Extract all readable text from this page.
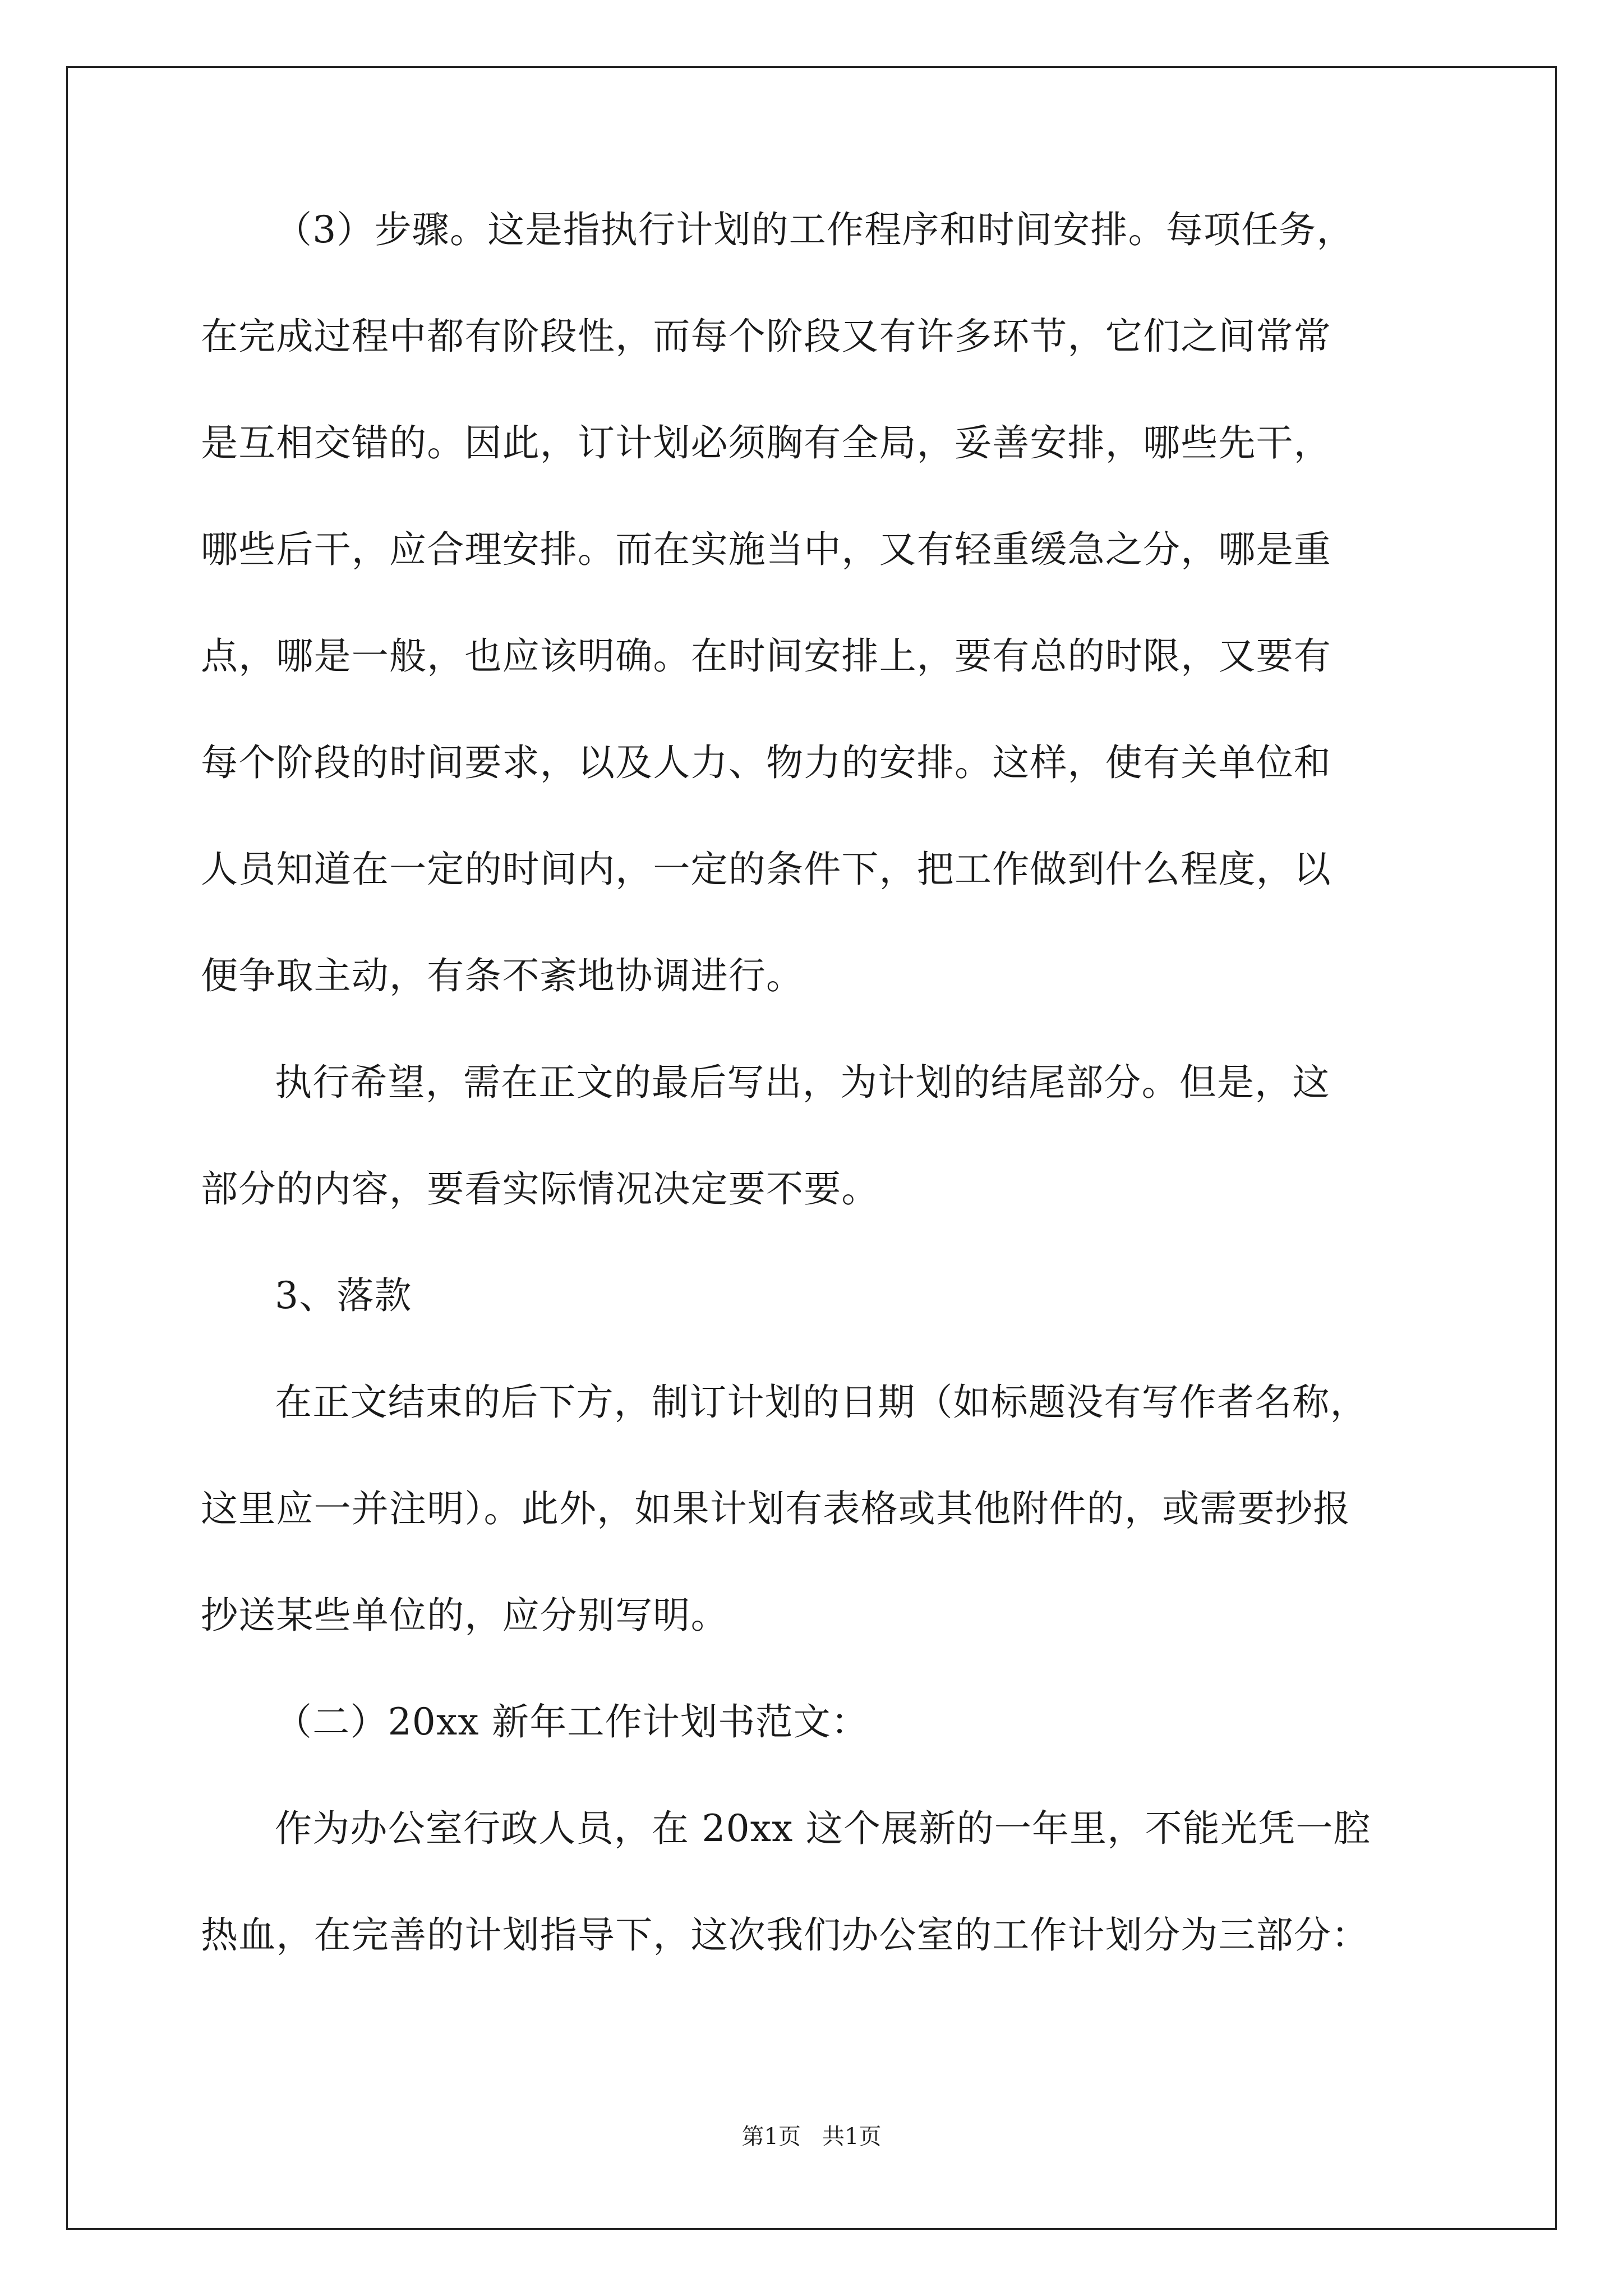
（3）步骤。这是指执行计划的工作程序和时间安排。每项任务，
在完成过程中都有阶段性，而每个阶段又有许多环节，它们之间常常
是互相交错的。因此，订计划必须胸有全局，妥善安排，哪些先干，
哪些后干，应合理安排。而在实施当中，又有轻重缓急之分，哪是重
点，哪是一般，也应该明确。在时间安排上，要有总的时限，又要有
每个阶段的时间要求，以及人力、物力的安排。这样，使有关单位和
人员知道在一定的时间内，一定的条件下，把工作做到什么程度，以
便争取主动，有条不紊地协调进行。
执行希望，需在正文的最后写出，为计划的结尾部分。但是，这
部分的内容，要看实际情况决定要不要。
3、落款
在正文结束的后下方，制订计划的日期（如标题没有写作者名称，
这里应一并注明）。此外，如果计划有表格或其他附件的，或需要抄报
抄送某些单位的，应分别写明。
（二）20xx 新年工作计划书范文：
作为办公室行政人员，在 20xx 这个展新的一年里，不能光凭一腔
热血，在完善的计划指导下，这次我们办公室的工作计划分为三部分：
第1页   共1页
